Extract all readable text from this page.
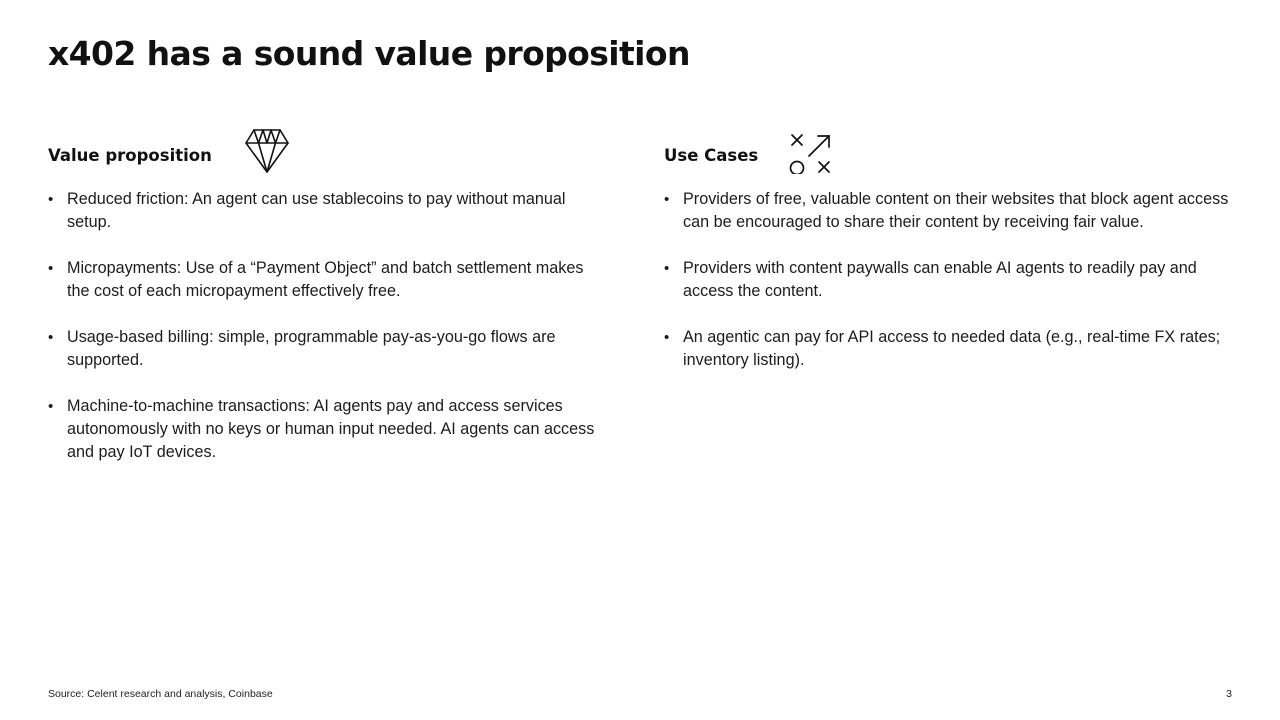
x402 has a sound value proposition
Value proposition
• Reduced friction: An agent can use stablecoins to pay without manual setup.
• Micropayments: Use of a “Payment Object” and batch settlement makes the cost of each micropayment effectively free.
• Usage-based billing: simple, programmable pay-as-you-go flows are supported.
• Machine-to-machine transactions: AI agents pay and access services autonomously with no keys or human input needed. AI agents can access and pay IoT devices.
Use Cases
• Providers of free, valuable content on their websites that block agent access can be encouraged to share their content by receiving fair value.
• Providers with content paywalls can enable AI agents to readily pay and access the content.
• An agentic can pay for API access to needed data (e.g., real-time FX rates; inventory listing).
Source: Celent research and analysis, Coinbase	3
